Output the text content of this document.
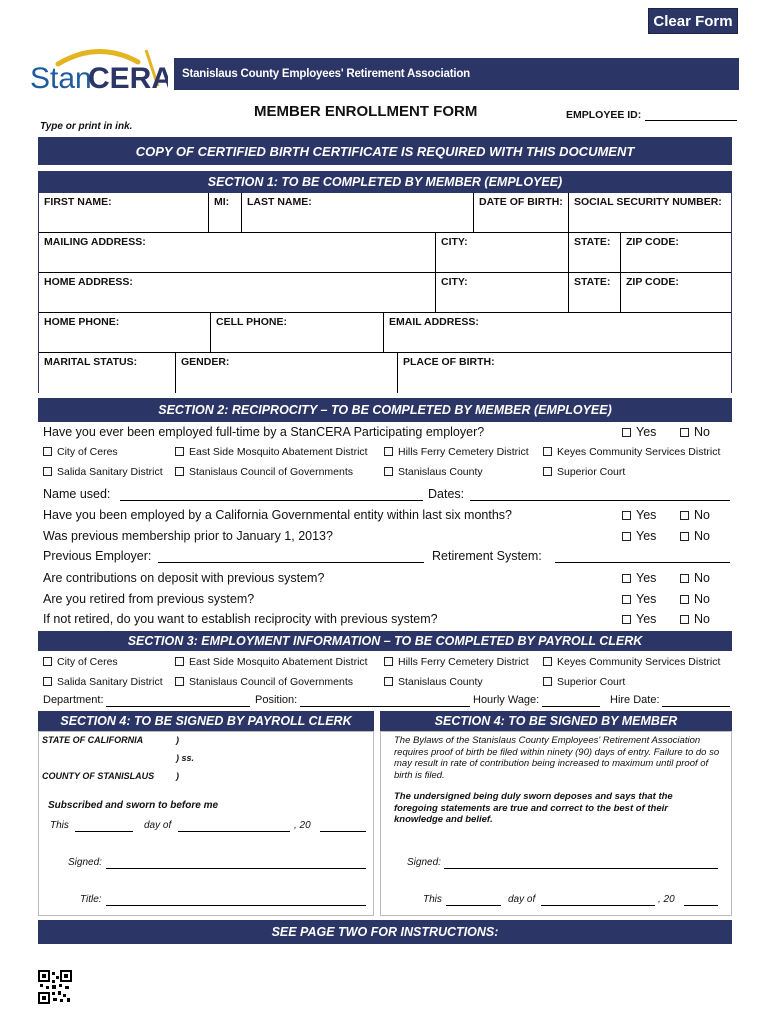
Clear Form
Stan
CERA Stanislaus County Employees' Retirement Association
MEMBER ENROLLMENT FORM	EMPLOYEE ID:
Type or print in ink.
COPY OF CERTIFIED BIRTH CERTIFICATE IS REQUIRED WITH THIS DOCUMENT
SECTION 1: TO BE COMPLETED BY MEMBER (EMPLOYEE)
FIRST NAME:	MI:	LAST NAME:	DATE OF BIRTH:	SOCIAL SECURITY NUMBER:
MAILING ADDRESS:	CITY:	STATE:	ZIP CODE:
HOME ADDRESS:	CITY:	STATE:	ZIP CODE:
HOME PHONE:	CELL PHONE:	EMAIL ADDRESS:
MARITAL STATUS:	GENDER:	PLACE OF BIRTH:
SECTION 2: RECIPROCITY – TO BE COMPLETED BY MEMBER (EMPLOYEE)
Have you ever been employed full-time by a StanCERA Participating employer?	Yes	No
City of Ceres	East Side Mosquito Abatement District	Hills Ferry Cemetery District	Keyes Community Services District
Salida Sanitary District	Stanislaus Council of Governments	Stanislaus County	Superior Court
Name used:	Dates:
Have you been employed by a California Governmental entity within last six months?	Yes	No
Was previous membership prior to January 1, 2013?	Yes	No
Previous Employer:	Retirement System:
Are contributions on deposit with previous system?	Yes	No
Are you retired from previous system?	Yes	No
If not retired, do you want to establish reciprocity with previous system?	Yes	No
SECTION 3: EMPLOYMENT INFORMATION – TO BE COMPLETED BY PAYROLL CLERK
City of Ceres	East Side Mosquito Abatement District	Hills Ferry Cemetery District	Keyes Community Services District
Salida Sanitary District	Stanislaus Council of Governments	Stanislaus County	Superior Court
Department:	Position:	Hourly Wage:	Hire Date:
SECTION 4: TO BE SIGNED BY PAYROLL CLERK	SECTION 4: TO BE SIGNED BY MEMBER
STATE OF CALIFORNIA	)
) ss.
COUNTY OF STANISLAUS )
Subscribed and sworn to before me
This	day of	, 20
Signed:
Title:
The Bylaws of the Stanislaus County Employees' Retirement Association requires proof of birth be filed within ninety (90) days of entry. Failure to do so may result in rate of contribution being increased to maximum until proof of birth is filed.
The undersigned being duly sworn deposes and says that the foregoing statements are true and correct to the best of their knowledge and belief.
Signed:
This	day of	, 20
SEE PAGE TWO FOR INSTRUCTIONS:
